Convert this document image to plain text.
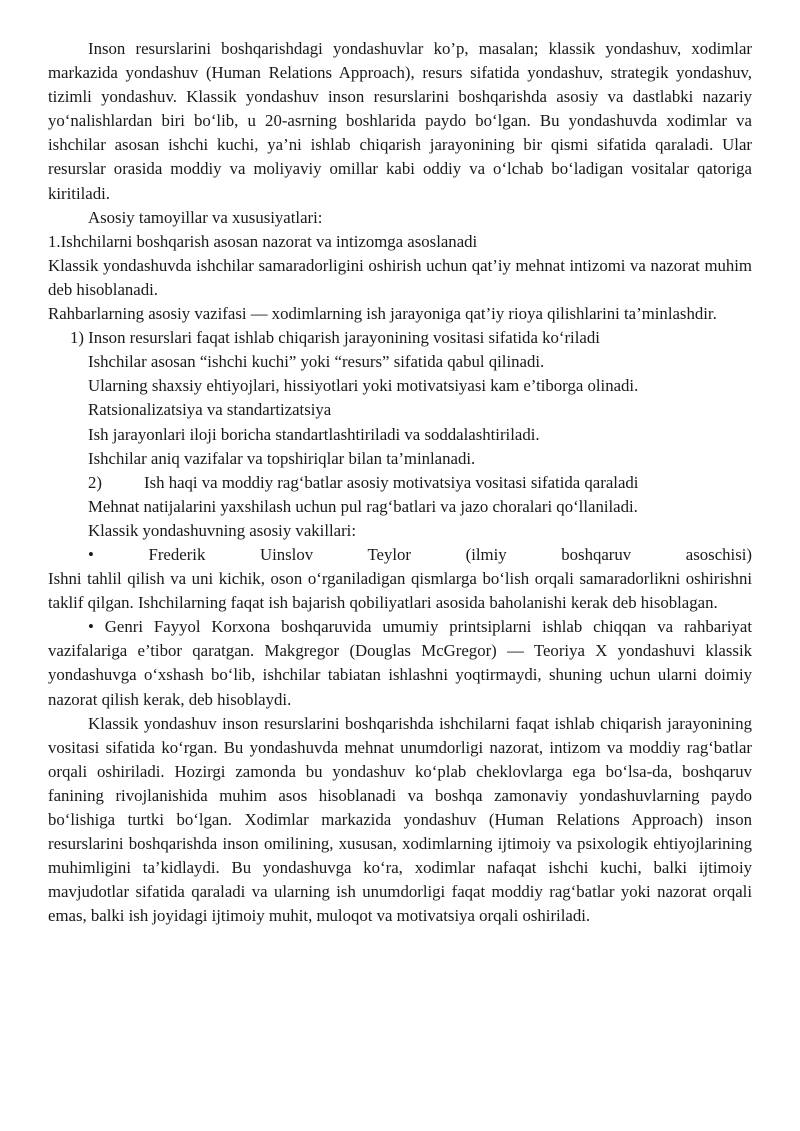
Inson resurslarini boshqarishdagi yondashuvlar ko’p, masalan; klassik yondashuv, xodimlar markazida yondashuv (Human Relations Approach), resurs sifatida yondashuv, strategik yondashuv, tizimli yondashuv. Klassik yondashuv inson resurslarini boshqarishda asosiy va dastlabki nazariy yo‘nalishlardan biri bo‘lib, u 20-asrning boshlarida paydo bo‘lgan. Bu yondashuvda xodimlar va ishchilar asosan ishchi kuchi, ya’ni ishlab chiqarish jarayonining bir qismi sifatida qaraladi. Ular resurslar orasida moddiy va moliyaviy omillar kabi oddiy va o‘lchab bo‘ladigan vositalar qatoriga kiritiladi.

Asosiy tamoyillar va xususiyatlari:

1.Ishchilarni boshqarish asosan nazorat va intizomga asoslanadi

Klassik yondashuvda ishchilar samaradorligini oshirish uchun qat’iy mehnat intizomi va nazorat muhim deb hisoblanadi.

Rahbarlarning asosiy vazifasi — xodimlarning ish jarayoniga qat’iy rioya qilishlarini ta’minlashdir.

1) Inson resurslari faqat ishlab chiqarish jarayonining vositasi sifatida ko‘riladi

Ishchilar asosan “ishchi kuchi” yoki “resurs” sifatida qabul qilinadi.

Ularning shaxsiy ehtiyojlari, hissiyotlari yoki motivatsiyasi kam e’tiborga olinadi.

Ratsionalizatsiya va standartizatsiya

Ish jarayonlari iloji boricha standartlashtiriladi va soddalashtiriladi.

Ishchilar aniq vazifalar va topshiriqlar bilan ta’minlanadi.

2)	Ish haqi va moddiy rag‘batlar asosiy motivatsiya vositasi sifatida qaraladi

Mehnat natijalarini yaxshilash uchun pul rag‘batlari va jazo choralari qo‘llaniladi.

Klassik yondashuvning asosiy vakillari:

• Frederik Uinslov Teylor (ilmiy boshqaruv asoschisi)

Ishni tahlil qilish va uni kichik, oson o‘rganiladigan qismlarga bo‘lish orqali samaradorlikni oshirishni taklif qilgan. Ishchilarning faqat ish bajarish qobiliyatlari asosida baholanishi kerak deb hisoblagan.

• Genri Fayyol Korxona boshqaruvida umumiy printsiplarni ishlab chiqqan va rahbariyat vazifalariga e’tibor qaratgan. Makgregor (Douglas McGregor) — Teoriya X yondashuvi klassik yondashuvga o‘xshash bo‘lib, ishchilar tabiatan ishlashni yoqtirmaydi, shuning uchun ularni doimiy nazorat qilish kerak, deb hisoblaydi.

Klassik yondashuv inson resurslarini boshqarishda ishchilarni faqat ishlab chiqarish jarayonining vositasi sifatida ko‘rgan. Bu yondashuvda mehnat unumdorligi nazorat, intizom va moddiy rag‘batlar orqali oshiriladi. Hozirgi zamonda bu yondashuv ko‘plab cheklovlarga ega bo‘lsa-da, boshqaruv fanining rivojlanishida muhim asos hisoblanadi va boshqa zamonaviy yondashuvlarning paydo bo‘lishiga turtki bo‘lgan. Xodimlar markazida yondashuv (Human Relations Approach) inson resurslarini boshqarishda inson omilining, xususan, xodimlarning ijtimoiy va psixologik ehtiyojlarining muhimligini ta’kidlaydi. Bu yondashuvga ko‘ra, xodimlar nafaqat ishchi kuchi, balki ijtimoiy mavjudotlar sifatida qaraladi va ularning ish unumdorligi faqat moddiy rag‘batlar yoki nazorat orqali emas, balki ish joyidagi ijtimoiy muhit, muloqot va motivatsiya orqali oshiriladi.
